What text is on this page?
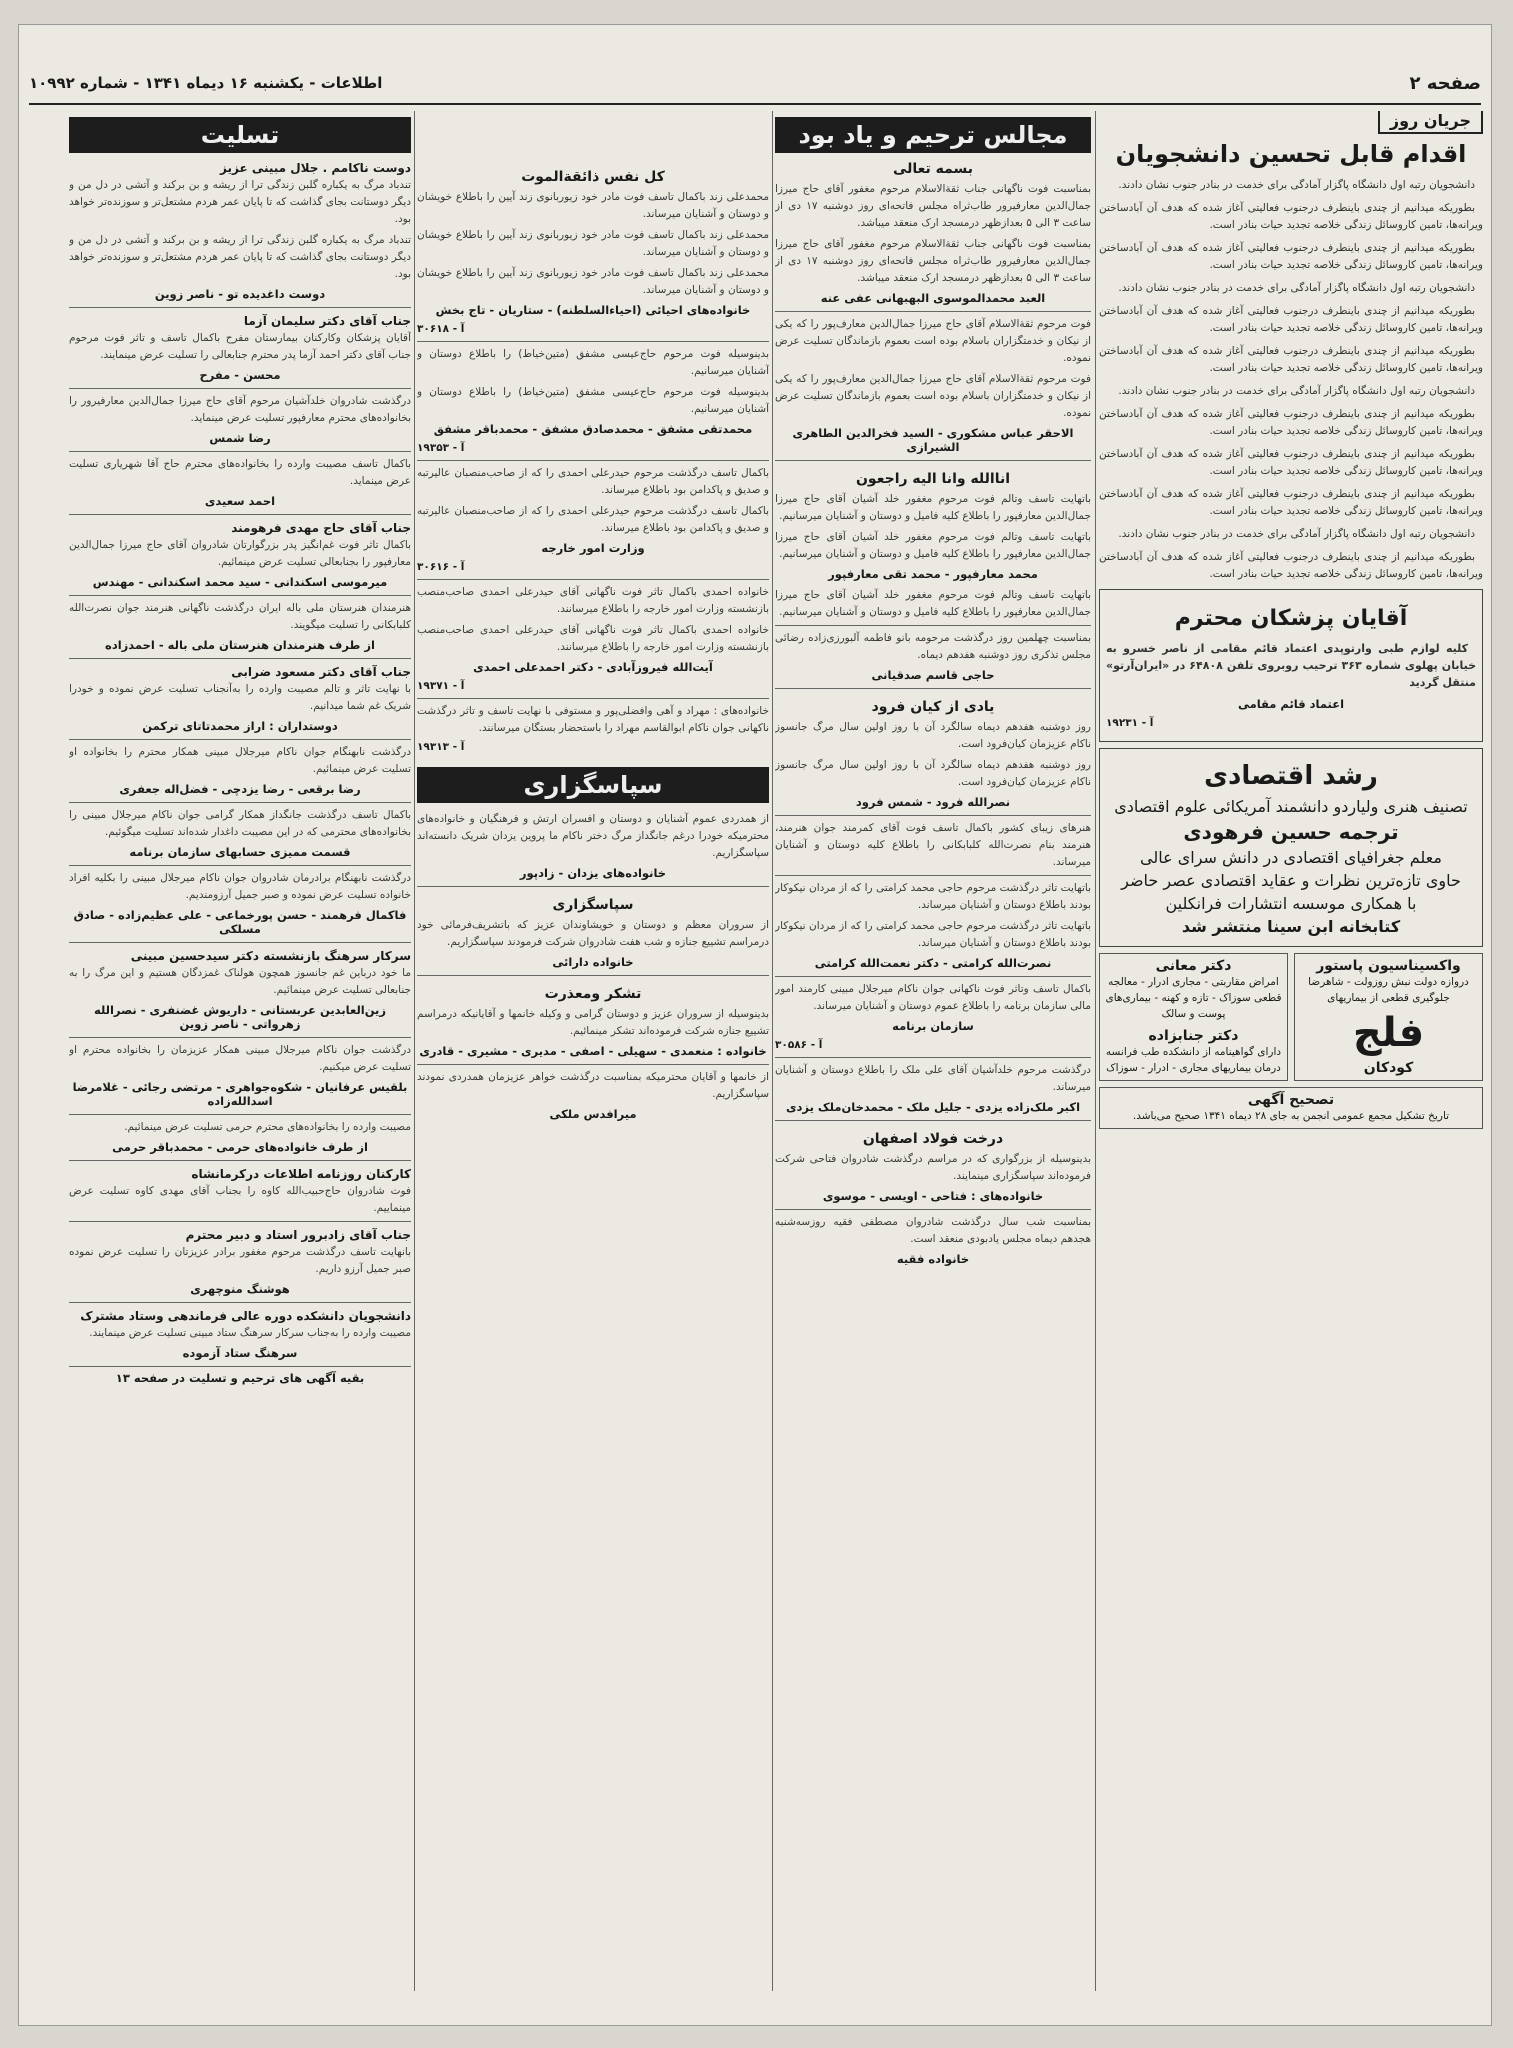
صفحه ۲
اطلاعات - یکشنبه ۱۶ دیماه ۱۳۴۱ - شماره ۱۰۹۹۲
جریان روز
اقدام قابل تحسین دانشجویان

دانشجویان رتبه اول دانشگاه پاگزار آمادگی برای خدمت در بنادر جنوب نشان دادند.

بطوریکه میدانیم از چندی باینطرف درجنوب فعالیتی آغاز شده که هدف آن آبادساختن ویرانه‌ها، تامین کاروسائل زندگی خلاصه تجدید حیات بنادر است.

بطوریکه میدانیم از چندی باینطرف درجنوب فعالیتی آغاز شده که هدف آن آبادساختن ویرانه‌ها، تامین کاروسائل زندگی خلاصه تجدید حیات بنادر است.

دانشجویان رتبه اول دانشگاه پاگزار آمادگی برای خدمت در بنادر جنوب نشان دادند.

بطوریکه میدانیم از چندی باینطرف درجنوب فعالیتی آغاز شده که هدف آن آبادساختن ویرانه‌ها، تامین کاروسائل زندگی خلاصه تجدید حیات بنادر است.

بطوریکه میدانیم از چندی باینطرف درجنوب فعالیتی آغاز شده که هدف آن آبادساختن ویرانه‌ها، تامین کاروسائل زندگی خلاصه تجدید حیات بنادر است.

دانشجویان رتبه اول دانشگاه پاگزار آمادگی برای خدمت در بنادر جنوب نشان دادند.

بطوریکه میدانیم از چندی باینطرف درجنوب فعالیتی آغاز شده که هدف آن آبادساختن ویرانه‌ها، تامین کاروسائل زندگی خلاصه تجدید حیات بنادر است.

بطوریکه میدانیم از چندی باینطرف درجنوب فعالیتی آغاز شده که هدف آن آبادساختن ویرانه‌ها، تامین کاروسائل زندگی خلاصه تجدید حیات بنادر است.

بطوریکه میدانیم از چندی باینطرف درجنوب فعالیتی آغاز شده که هدف آن آبادساختن ویرانه‌ها، تامین کاروسائل زندگی خلاصه تجدید حیات بنادر است.

دانشجویان رتبه اول دانشگاه پاگزار آمادگی برای خدمت در بنادر جنوب نشان دادند.

بطوریکه میدانیم از چندی باینطرف درجنوب فعالیتی آغاز شده که هدف آن آبادساختن ویرانه‌ها، تامین کاروسائل زندگی خلاصه تجدید حیات بنادر است.

آقایان پزشکان محترم

کلیه لوازم طبی وارتوپدی اعتماد قائم مقامی از ناصر خسرو به خیابان پهلوی شماره ۳۶۳ ترحیب روبروی تلفن ۶۴۸۰۸ در «ایران‌آرتو» منتقل گردید

اعتماد قائم مقامی
آ - ۱۹۲۳۱
رشد اقتصادی
تصنیف هنری ولیاردو دانشمند آمریکائی علوم اقتصادی
ترجمه حسین فرهودی
معلم جغرافیای اقتصادی در دانش سرای عالی
حاوی تازه‌ترین نظرات و عقاید اقتصادی عصر حاضر
با همکاری موسسه انتشارات فرانکلین
کتابخانه ابن سینا منتشر شد
واکسیناسیون پاستور
دروازه دولت نبش روزولت - شاهرضا جلوگیری قطعی از بیماریهای
فلج
کودکان
دکتر معانی
امراض مقاربتی - مجاری ادرار - معالجه قطعی سوزاک - تازه و کهنه - بیماری‌های پوست و سالک
دکتر جنابزاده
دارای گواهینامه از دانشکده طب فرانسه درمان بیماریهای مجاری - ادرار - سوزاک
تصحیح آگهی
تاریخ تشکیل مجمع عمومی انجمن به جای ۲۸ دیماه ۱۳۴۱ صحیح می‌باشد.
مجالس ترحیم و یاد بود
بسمه تعالی

بمناسبت فوت ناگهانی جناب ثقةالاسلام مرحوم مغفور آقای حاج میرزا جمال‌الدین معارفیرور طاب‌ثراه مجلس فاتحه‌ای روز دوشنبه ۱۷ دی از ساعت ۳ الی ۵ بعدازظهر درمسجد ارک منعقد میباشد.

بمناسبت فوت ناگهانی جناب ثقةالاسلام مرحوم مغفور آقای حاج میرزا جمال‌الدین معارفیرور طاب‌ثراه مجلس فاتحه‌ای روز دوشنبه ۱۷ دی از ساعت ۳ الی ۵ بعدازظهر درمسجد ارک منعقد میباشد.

العبد محمدالموسوی البهبهانی عفی عنه

فوت مرحوم ثقةالاسلام آقای حاج میرزا جمال‌الدین معارف‌پور را که یکی از نیکان و خدمتگزاران باسلام بوده است بعموم بازماندگان تسلیت عرض نموده.

فوت مرحوم ثقةالاسلام آقای حاج میرزا جمال‌الدین معارف‌پور را که یکی از نیکان و خدمتگزاران باسلام بوده است بعموم بازماندگان تسلیت عرض نموده.

الاحقر عباس مشکوری - السید فخرالدین الطاهری الشیرازی
اناالله وانا الیه راجعون

باتهایت تاسف وتالم فوت مرحوم مغفور خلد آشیان آقای حاج میرزا جمال‌الدین معارفپور را باطلاع کلیه فامیل و دوستان و آشنایان میرسانیم.

باتهایت تاسف وتالم فوت مرحوم مغفور خلد آشیان آقای حاج میرزا جمال‌الدین معارفپور را باطلاع کلیه فامیل و دوستان و آشنایان میرسانیم.

محمد معارفپور - محمد تقی معارفپور

باتهایت تاسف وتالم فوت مرحوم مغفور خلد آشیان آقای حاج میرزا جمال‌الدین معارفپور را باطلاع کلیه فامیل و دوستان و آشنایان میرسانیم.

بمناسبت چهلمین روز درگذشت مرحومه بانو فاطمه آلبورزی‌زاده رضائی مجلس تذکری روز دوشنبه هفدهم دیماه.

حاجی قاسم صدقیانی
یادی از کیان فرود

روز دوشنبه هفدهم دیماه سالگرد آن با روز اولین سال مرگ جانسوز ناکام عزیزمان کیان‌فرود است.

روز دوشنبه هفدهم دیماه سالگرد آن با روز اولین سال مرگ جانسوز ناکام عزیزمان کیان‌فرود است.

نصرالله فرود - شمس فرود

هنرهای زیبای کشور باکمال تاسف فوت آقای کمرمند جوان هنرمند، هنرمند بنام نصرت‌الله کلبابکانی را باطلاع کلیه دوستان و آشنایان میرساند.

باتهایت تاثر درگذشت مرحوم حاجی محمد کرامتی را که از مردان نیکوکار بودند باطلاع دوستان و آشنایان میرساند.

باتهایت تاثر درگذشت مرحوم حاجی محمد کرامتی را که از مردان نیکوکار بودند باطلاع دوستان و آشنایان میرساند.

نصرت‌الله کرامتی - دکتر نعمت‌الله کرامتی

باکمال تاسف وتاثر فوت ناکهانی جوان ناکام میرجلال مبینی کارمند امور مالی سازمان برنامه را باطلاع عموم دوستان و آشنایان میرساند.

سازمان برنامه
آ - ۳۰۵۸۶

درگذشت مرحوم خلدآشیان آقای علی ملک را باطلاع دوستان و آشنایان میرساند.

اکبر ملک‌زاده یزدی - جلیل ملک - محمدخان‌ملک یزدی
درخت فولاد اصفهان

بدینوسیله از بزرگواری که در مراسم درگذشت شادروان فتاحی شرکت فرموده‌اند سپاسگزاری مینمایند.

خانواده‌های : فتاحی - اویسی - موسوی

بمناسبت شب سال درگذشت شادروان مصطفی فقیه روزسه‌شنبه هجدهم دیماه مجلس یادبودی منعقد است.

خانواده فقیه
کل نفس ذائقة‌الموت

محمدعلی زند باکمال تاسف فوت مادر خود زیوربانوی زند آیین را باطلاع خویشان و دوستان و آشنایان میرساند.

محمدعلی زند باکمال تاسف فوت مادر خود زیوربانوی زند آیین را باطلاع خویشان و دوستان و آشنایان میرساند.

محمدعلی زند باکمال تاسف فوت مادر خود زیوربانوی زند آیین را باطلاع خویشان و دوستان و آشنایان میرساند.

خانواده‌های احیائی (احیاءالسلطنه) - ستاریان - تاج بخش
آ - ۳۰۶۱۸

بدینوسیله فوت مرحوم حاج‌عیسی مشفق (متین‌خیاط) را باطلاع دوستان و آشنایان میرسانیم.

بدینوسیله فوت مرحوم حاج‌عیسی مشفق (متین‌خیاط) را باطلاع دوستان و آشنایان میرسانیم.

محمدتقی مشفق - محمدصادق مشفق - محمدباقر مشفق
آ - ۱۹۳۵۳

باکمال تاسف درگذشت مرحوم حیدرعلی احمدی را که از صاحب‌منصبان عالیرتبه و صدیق و پاکدامن بود باطلاع میرساند.

باکمال تاسف درگذشت مرحوم حیدرعلی احمدی را که از صاحب‌منصبان عالیرتبه و صدیق و پاکدامن بود باطلاع میرساند.

وزارت امور خارجه
آ - ۳۰۶۱۶

خانواده احمدی باکمال تاثر فوت ناگهانی آقای حیدرعلی احمدی صاحب‌منصب بازنشسته وزارت امور خارجه را باطلاع میرسانند.

خانواده احمدی باکمال تاثر فوت ناگهانی آقای حیدرعلی احمدی صاحب‌منصب بازنشسته وزارت امور خارجه را باطلاع میرسانند.

آیت‌الله فیروزآبادی - دکتر احمدعلی احمدی
آ - ۱۹۳۷۱

خانواده‌های : مهراد و آهی وافضلی‌پور و مستوفی با نهایت تاسف و تاثر درگذشت ناکهانی جوان ناکام ابوالقاسم مهراد را باستحضار بستگان میرسانند.

آ - ۱۹۳۱۳
سپاسگزاری

از همدردی عموم آشنایان و دوستان و افسران ارتش و فرهنگیان و خانواده‌های محترمیکه خودرا درغم جانگداز مرگ دختر ناکام ما پروین یزدان شریک دانسته‌اند سپاسگزاریم.

خانواده‌های یزدان - زادپور
سپاسگزاری

از سروران معظم و دوستان و خویشاوندان عزیز که باتشریف‌فرمائی خود درمراسم تشییع جنازه و شب هفت شادروان شرکت فرمودند سپاسگزاریم.

خانواده دارائی
تشکر ومعذرت

بدینوسیله از سروران عزیز و دوستان گرامی و وکیله خانمها و آقایانیکه درمراسم تشییع جنازه شرکت فرموده‌اند تشکر مینمائیم.

خانواده : منعمدی - سهیلی - اصفی - مدیری - مشیری - قادری

از خانمها و آقایان محترمیکه بمناسبت درگذشت خواهر عزیزمان همدردی نمودند سپاسگزاریم.

میرافدس ملکی
تسلیت
دوست ناکامم . جلال مبینی عزیز

تندباد مرگ به یکباره گلبن زندگی ترا از ریشه و بن برکند و آتشی در دل من و دیگر دوستانت بجای گذاشت که تا پایان عمر هردم مشتعل‌تر و سوزنده‌تر خواهد بود.

تندباد مرگ به یکباره گلبن زندگی ترا از ریشه و بن برکند و آتشی در دل من و دیگر دوستانت بجای گذاشت که تا پایان عمر هردم مشتعل‌تر و سوزنده‌تر خواهد بود.

دوست داغدیده تو - ناصر زوین
جناب آقای دکتر سلیمان آزما

آقایان پزشکان وکارکنان بیمارستان مفرح باکمال تاسف و تاثر فوت مرحوم جناب آقای دکتر احمد آزما پدر محترم جنابعالی را تسلیت عرض مینمایند.

محسن - مفرح

درگذشت شادروان خلدآشیان مرحوم آقای حاج میرزا جمال‌الدین معارفیرور را بخانواده‌های محترم معارفپور تسلیت عرض مینماید.

رضا شمس

باکمال تاسف مصیبت وارده را بخانواده‌های محترم حاج آقا شهریاری تسلیت عرض مینماید.

احمد سعیدی
جناب آقای حاج مهدی فرهومند

باکمال تاثر فوت غم‌انگیز پدر بزرگوارتان شادروان آقای حاج میرزا جمال‌الدین معارفپور را بجنابعالی تسلیت عرض مینمائیم.

میرموسی اسکندانی - سید محمد اسکندانی - مهندس

هنرمندان هنرستان ملی باله ایران درگذشت ناگهانی هنرمند جوان نصرت‌الله کلبابکانی را تسلیت میگویند.

از طرف هنرمندان هنرستان ملی باله - احمدزاده
جناب آقای دکتر مسعود ضرابی

با نهایت تاثر و تالم مصیبت وارده را به‌آنجناب تسلیت عرض نموده و خودرا شریک غم شما میدانیم.

دوستداران : اراز محمدتاتای ترکمن

درگذشت نابهنگام جوان ناکام میرجلال مبینی همکار محترم را بخانواده او تسلیت عرض مینمائیم.

رضا برقعی - رضا یزدچی - فضل‌اله جعفری

باکمال تاسف درگذشت جانگداز همکار گرامی جوان ناکام میرجلال مبینی را بخانواده‌های محترمی که در این مصیبت داغدار شده‌اند تسلیت میگوئیم.

قسمت ممیزی حسابهای سازمان برنامه

درگذشت نابهنگام برادرمان شادروان جوان ناکام میرجلال مبینی را بکلیه افراد خانواده تسلیت عرض نموده و صبر جمیل آرزومندیم.

فاکمال فرهمند - حسن پورخماعی - علی عظیم‌زاده - صادق مسلکی
سرکار سرهنگ بازنشسته دکتر سیدحسین مبینی

ما خود درباین غم جانسوز همچون هولناک غمزدگان هستیم و این مرگ را به جنابعالی تسلیت عرض مینمائیم.

زین‌العابدین عربستانی - داریوش غضنفری - نصرالله زهرواتی - ناصر زوین

درگذشت جوان ناکام میرجلال مبینی همکار عزیزمان را بخانواده محترم او تسلیت عرض میکنیم.

بلقیس عرفانیان - شکوه‌جواهری - مرتضی رجائی - غلامرضا اسدالله‌زاده

مصیبت وارده را بخانواده‌های محترم حرمی تسلیت عرض مینمائیم.

از طرف خانواده‌های حرمی - محمدباقر حرمی
کارکنان روزنامه اطلاعات درکرمانشاه

فوت شادروان حاج‌حبیب‌الله کاوه را بجناب آقای مهدی کاوه تسلیت عرض مینماییم.

جناب آقای زادبرور استاد و دبیر محترم

بانهایت تاسف درگذشت مرحوم مغفور برادر عزیزتان را تسلیت عرض نموده صبر جمیل آرزو داریم.

هوشنگ منوچهری
دانشجویان دانشکده دوره عالی فرماندهی وستاد مشترک

مصیبت وارده را به‌جناب سرکار سرهنگ ستاد مبینی تسلیت عرض مینمایند.

سرهنگ ستاد آزموده
بقیه آگهی های ترحیم و تسلیت در صفحه ۱۳
